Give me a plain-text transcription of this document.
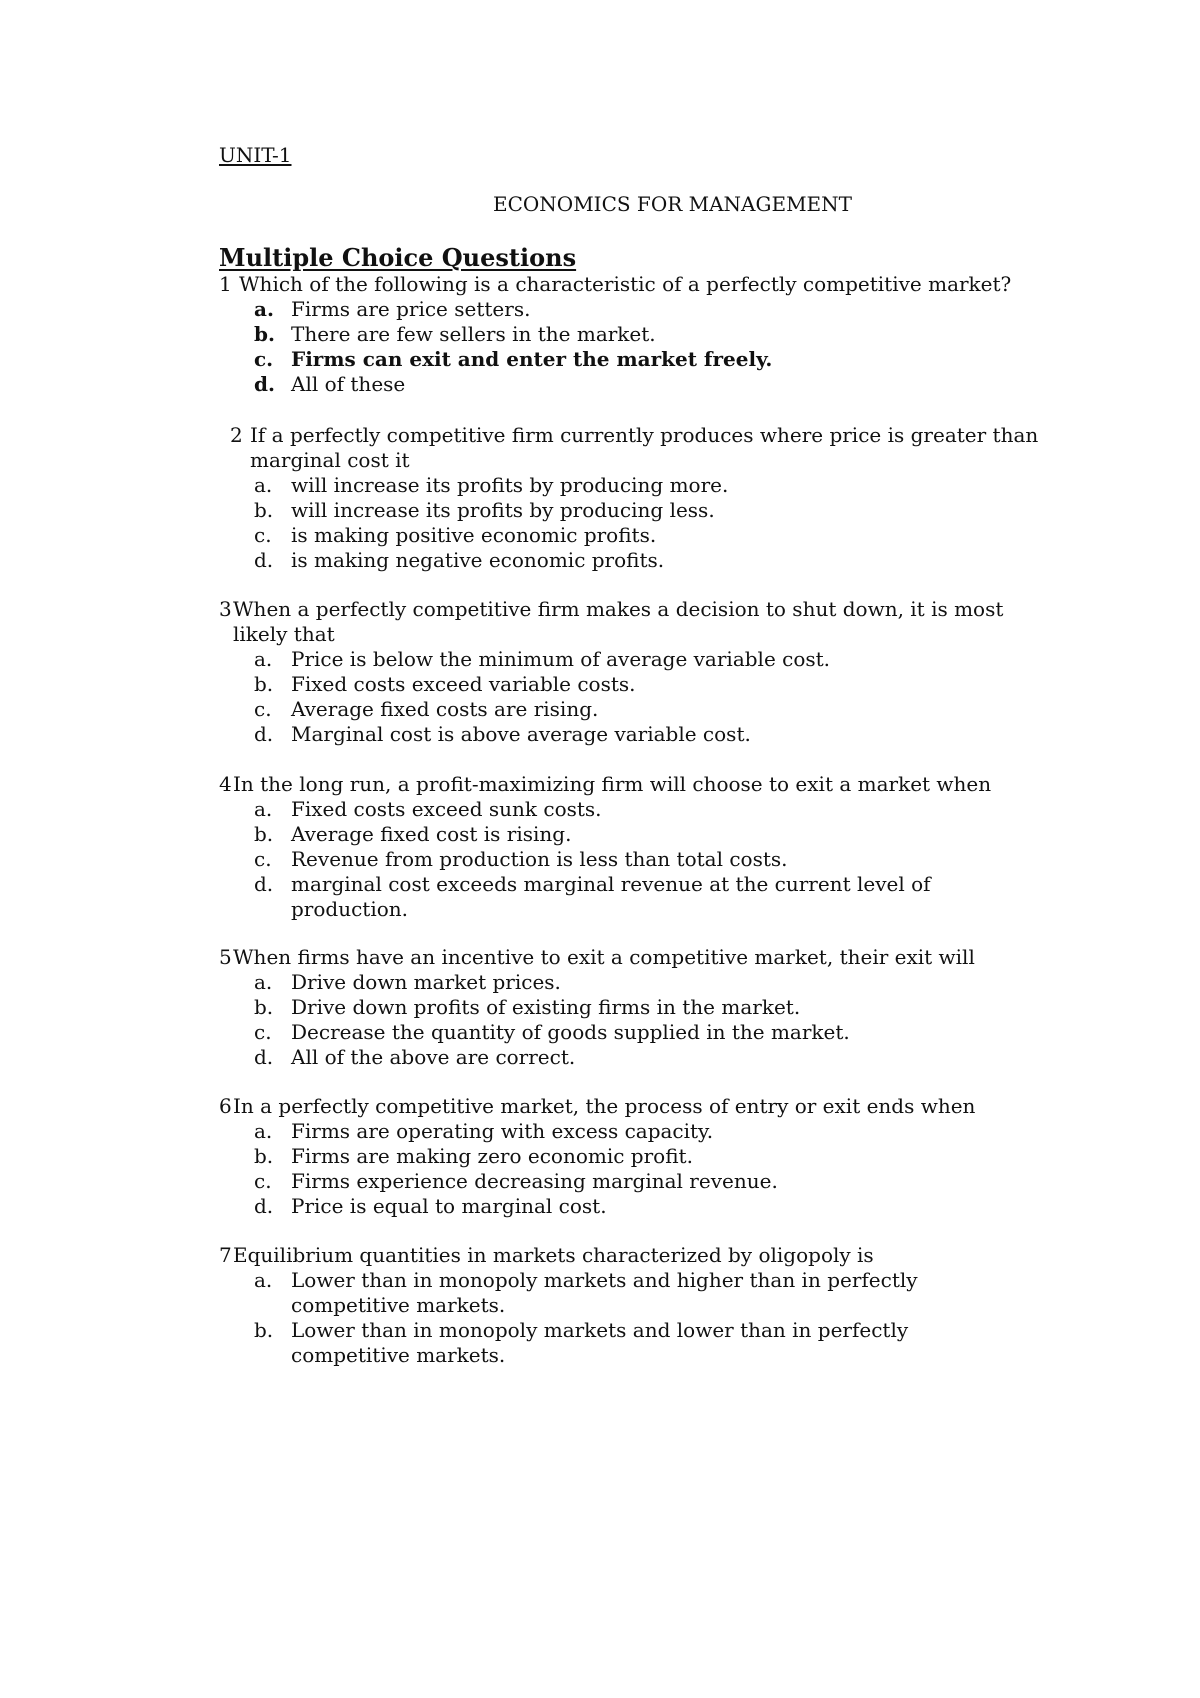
UNIT-1
ECONOMICS FOR MANAGEMENT
Multiple Choice Questions
1 Which of the following is a characteristic of a perfectly competitive market?
a. Firms are price setters.
b. There are few sellers in the market.
c. Firms can exit and enter the market freely.
d. All of these
2 If a perfectly competitive firm currently produces where price is greater than marginal cost it
a. will increase its profits by producing more.
b. will increase its profits by producing less.
c. is making positive economic profits.
d. is making negative economic profits.
3 When a perfectly competitive firm makes a decision to shut down, it is most likely that
a. Price is below the minimum of average variable cost.
b. Fixed costs exceed variable costs.
c. Average fixed costs are rising.
d. Marginal cost is above average variable cost.
4 In the long run, a profit-maximizing firm will choose to exit a market when
a. Fixed costs exceed sunk costs.
b. Average fixed cost is rising.
c. Revenue from production is less than total costs.
d. marginal cost exceeds marginal revenue at the current level of production.
5 When firms have an incentive to exit a competitive market, their exit will
a. Drive down market prices.
b. Drive down profits of existing firms in the market.
c. Decrease the quantity of goods supplied in the market.
d. All of the above are correct.
6 In a perfectly competitive market, the process of entry or exit ends when
a. Firms are operating with excess capacity.
b. Firms are making zero economic profit.
c. Firms experience decreasing marginal revenue.
d. Price is equal to marginal cost.
7 Equilibrium quantities in markets characterized by oligopoly is
a. Lower than in monopoly markets and higher than in perfectly competitive markets.
b. Lower than in monopoly markets and lower than in perfectly competitive markets.
